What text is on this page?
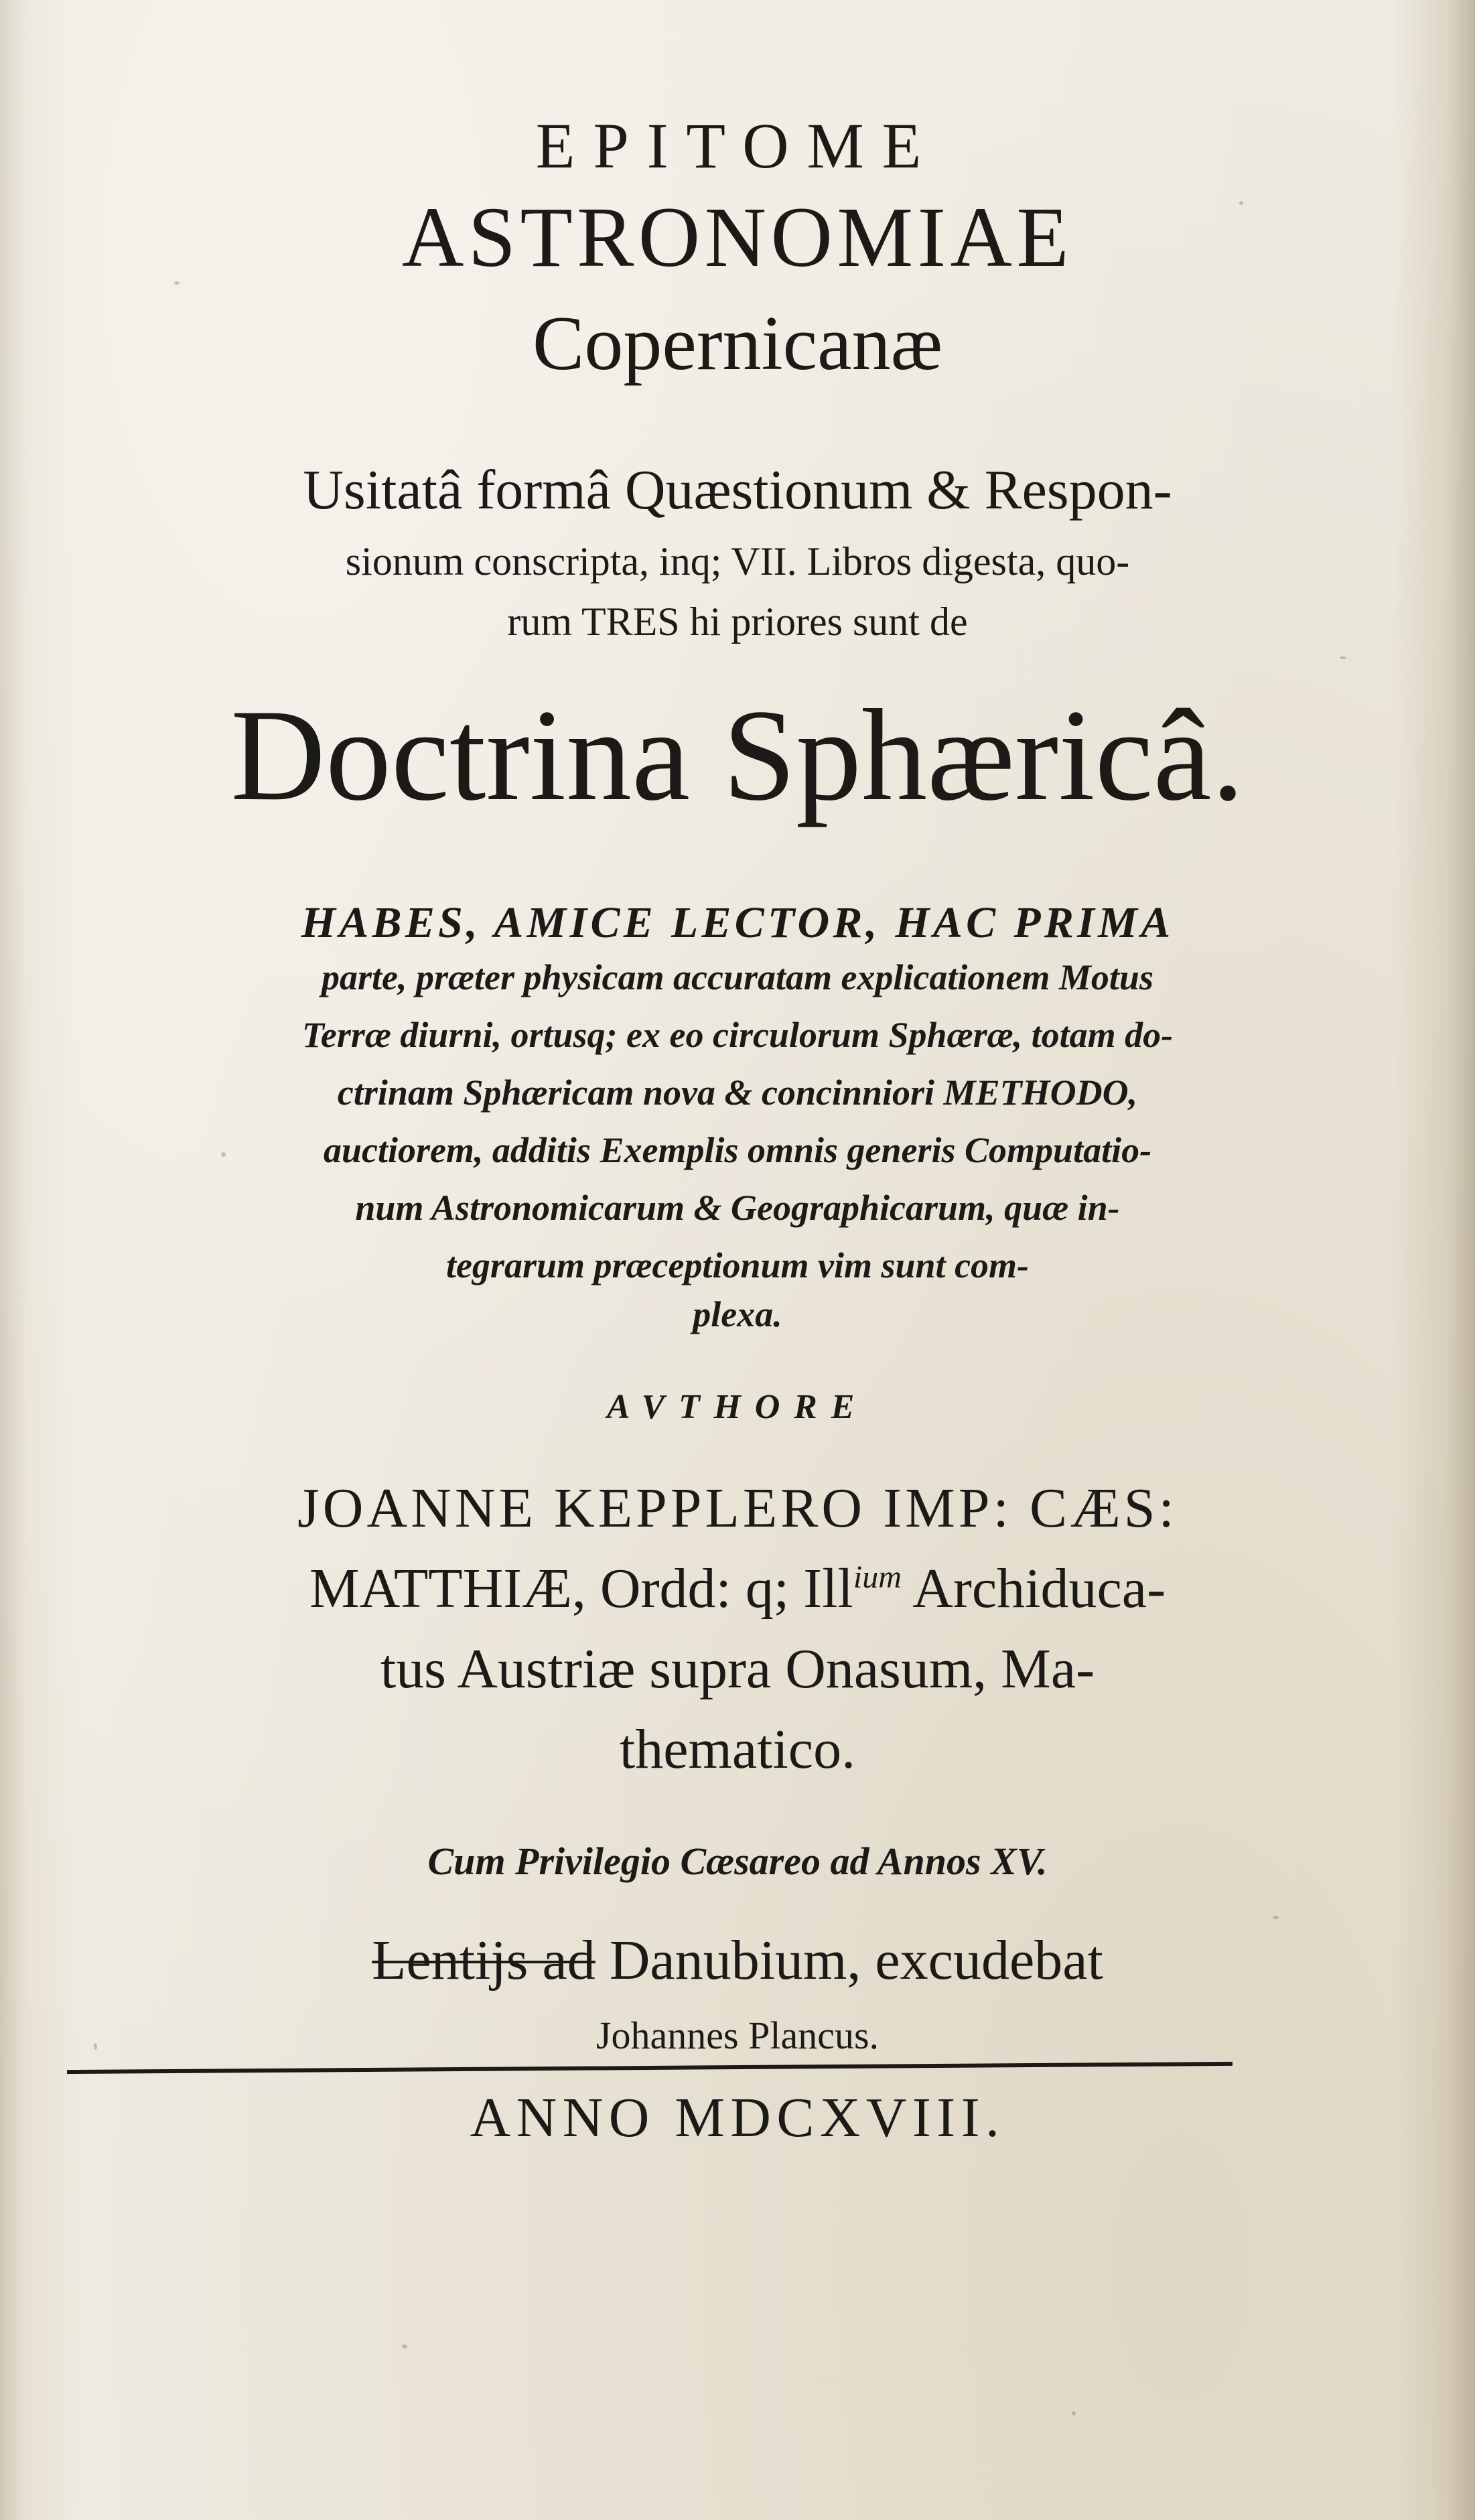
EPITOME
ASTRONOMIAE
Copernicanæ
Usitatâ formâ Quæstionum & Respon-
sionum conscripta, inq; VII. Libros digesta, quo-
rum TRES hi priores sunt de
Doctrina Sphæricâ.
HABES, AMICE LECTOR, HAC PRIMA
parte, præter physicam accuratam explicationem Motus
Terræ diurni, ortusq; ex eo circulorum Sphæræ, totam do-
ctrinam Sphæricam nova & concinniori METHODO,
auctiorem, additis Exemplis omnis generis Computatio-
num Astronomicarum & Geographicarum, quæ in-
tegrarum præceptionum vim sunt com-
plexa.
AVTHORE
JOANNE KEPPLERO IMP: CÆS:
MATTHIÆ, Ordd: q; Ill$^{ium}$ Archiduca-
tus Austriæ supra Onasum, Ma-
thematico.
Cum Privilegio Cæsareo ad Annos XV.
Lentijs ad Danubium, excudebat
Johannes Plancus.
ANNO MDCXVIII.
